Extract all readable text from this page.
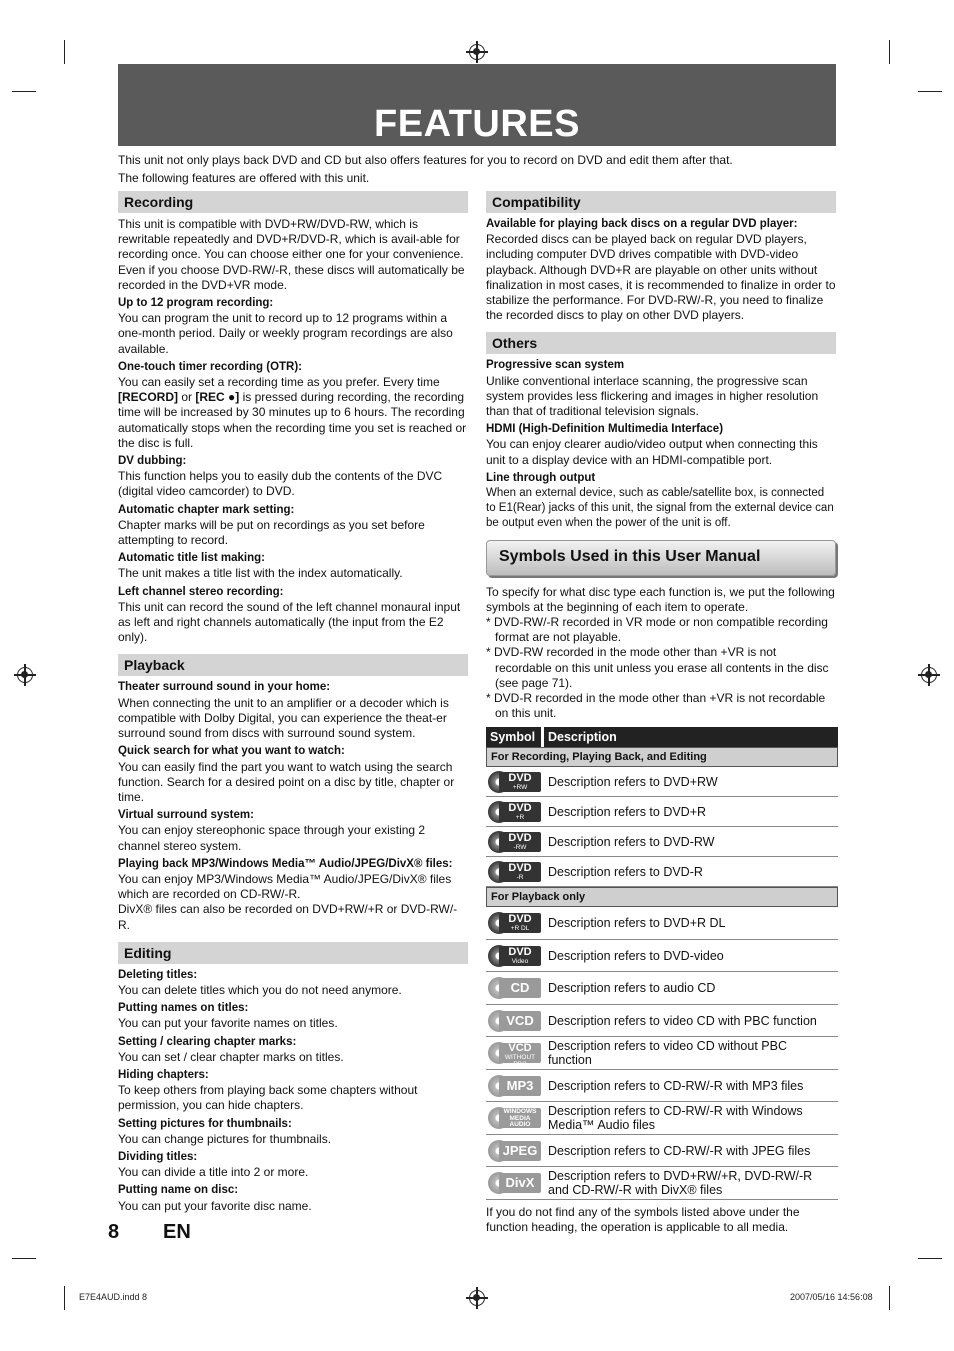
FEATURES

This unit not only plays back DVD and CD but also offers features for you to record on DVD and edit them after that.

The following features are offered with this unit.

Recording

This unit is compatible with DVD+RW/DVD-RW, which is rewritable repeatedly and DVD+R/DVD-R, which is avail-able for recording once. You can choose either one for your convenience. Even if you choose DVD-RW/-R, these discs will automatically be recorded in the DVD+VR mode.

Up to 12 program recording:

You can program the unit to record up to 12 programs within a one-month period. Daily or weekly program recordings are also available.

One-touch timer recording (OTR):

You can easily set a recording time as you prefer. Every time [RECORD] or [REC ●] is pressed during recording, the recording time will be increased by 30 minutes up to 6 hours. The recording automatically stops when the recording time you set is reached or the disc is full.

DV dubbing:

This function helps you to easily dub the contents of the DVC (digital video camcorder) to DVD.

Automatic chapter mark setting:

Chapter marks will be put on recordings as you set before attempting to record.

Automatic title list making:

The unit makes a title list with the index automatically.

Left channel stereo recording:

This unit can record the sound of the left channel monaural input as left and right channels automatically (the input from the E2 only).

Playback
Theater surround sound in your home:

When connecting the unit to an amplifier or a decoder which is compatible with Dolby Digital, you can experience the theat-er surround sound from discs with surround sound system.

Quick search for what you want to watch:

You can easily find the part you want to watch using the search function. Search for a desired point on a disc by title, chapter or time.

Virtual surround system:

You can enjoy stereophonic space through your existing 2 channel stereo system.

Playing back MP3/Windows Media™ Audio/JPEG/DivX® files:

You can enjoy MP3/Windows Media™ Audio/JPEG/DivX® files which are recorded on CD-RW/-R.

DivX® files can also be recorded on DVD+RW/+R or DVD-RW/-R.

Editing
Deleting titles:

You can delete titles which you do not need anymore.

Putting names on titles:

You can put your favorite names on titles.

Setting / clearing chapter marks:

You can set / clear chapter marks on titles.

Hiding chapters:

To keep others from playing back some chapters without permission, you can hide chapters.

Setting pictures for thumbnails:

You can change pictures for thumbnails.

Dividing titles:

You can divide a title into 2 or more.

Putting name on disc:

You can put your favorite disc name.

Compatibility
Available for playing back discs on a regular DVD player:

Recorded discs can be played back on regular DVD players, including computer DVD drives compatible with DVD-video playback. Although DVD+R are playable on other units without finalization in most cases, it is recommended to finalize in order to stabilize the performance. For DVD-RW/-R, you need to finalize the recorded discs to play on other DVD players.

Others
Progressive scan system

Unlike conventional interlace scanning, the progressive scan system provides less flickering and images in higher resolution than that of traditional television signals.

HDMI (High-Definition Multimedia Interface)

You can enjoy clearer audio/video output when connecting this unit to a display device with an HDMI-compatible port.

Line through output

When an external device, such as cable/satellite box, is connected to E1(Rear) jacks of this unit, the signal from the external device can be output even when the power of the unit is off.

Symbols Used in this User Manual

To specify for what disc type each function is, we put the following symbols at the beginning of each item to operate.

* DVD-RW/-R recorded in VR mode or non compatible recording format are not playable.

* DVD-RW recorded in the mode other than +VR is not recordable on this unit unless you erase all contents in the disc (see page 71).

* DVD-R recorded in the mode other than +VR is not recordable on this unit.

Symbol	Description
For Recording, Playing Back, and Editing	

DVD
+RW	Description refers to DVD+RW

DVD
+R	Description refers to DVD+R

DVD
-RW	Description refers to DVD-RW

DVD
-R	Description refers to DVD-R
For Playback only	

DVD
+R DL	Description refers to DVD+R DL

DVD
Video	Description refers to DVD-video

CD	Description refers to audio CD

VCD	Description refers to video CD with PBC function

VCD
WITHOUT PBC	Description refers to video CD without PBC function

MP3	Description refers to CD-RW/-R with MP3 files

WINDOWS MEDIA AUDIO	Description refers to CD-RW/-R with Windows Media™ Audio files

JPEG	Description refers to CD-RW/-R with JPEG files

DivX	Description refers to DVD+RW/+R, DVD-RW/-R and CD-RW/-R with DivX® files

If you do not find any of the symbols listed above under the function heading, the operation is applicable to all media.

8 EN
E7E4AUD.indd 8	2007/05/16 14:56:08
